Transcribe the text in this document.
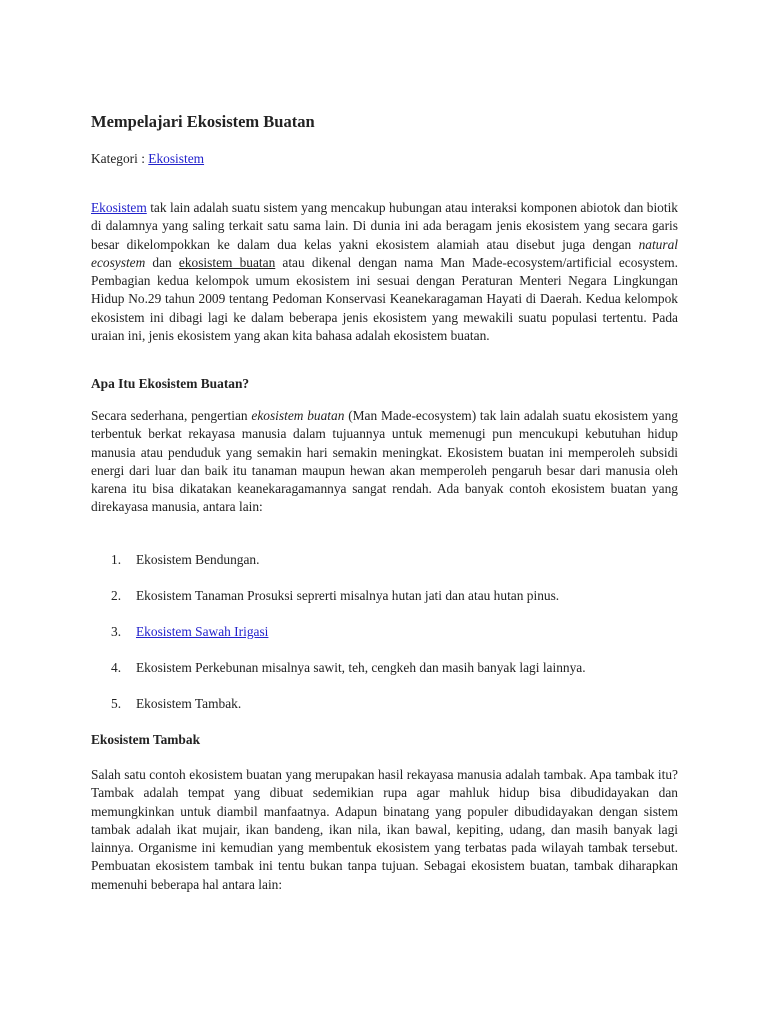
Mempelajari Ekosistem Buatan

Kategori : Ekosistem

Ekosistem tak lain adalah suatu sistem yang mencakup hubungan atau interaksi komponen abiotok dan biotik di dalamnya yang saling terkait satu sama lain. Di dunia ini ada beragam jenis ekosistem yang secara garis besar dikelompokkan ke dalam dua kelas yakni ekosistem alamiah atau disebut juga dengan natural ecosystem dan ekosistem buatan atau dikenal dengan nama Man Made-ecosystem/artificial ecosystem. Pembagian kedua kelompok umum ekosistem ini sesuai dengan Peraturan Menteri Negara Lingkungan Hidup No.29 tahun 2009 tentang Pedoman Konservasi Keanekaragaman Hayati di Daerah. Kedua kelompok ekosistem ini dibagi lagi ke dalam beberapa jenis ekosistem yang mewakili suatu populasi tertentu. Pada uraian ini, jenis ekosistem yang akan kita bahasa adalah ekosistem buatan.

Apa Itu Ekosistem Buatan?

Secara sederhana, pengertian ekosistem buatan (Man Made-ecosystem) tak lain adalah suatu ekosistem yang terbentuk berkat rekayasa manusia dalam tujuannya untuk memenugi pun mencukupi kebutuhan hidup manusia atau penduduk yang semakin hari semakin meningkat. Ekosistem buatan ini memperoleh subsidi energi dari luar dan baik itu tanaman maupun hewan akan memperoleh pengaruh besar dari manusia oleh karena itu bisa dikatakan keanekaragamannya sangat rendah. Ada banyak contoh ekosistem buatan yang direkayasa manusia, antara lain:

1. Ekosistem Bendungan.
2. Ekosistem Tanaman Prosuksi seprerti misalnya hutan jati dan atau hutan pinus.
3. Ekosistem Sawah Irigasi
4. Ekosistem Perkebunan misalnya sawit, teh, cengkeh dan masih banyak lagi lainnya.
5. Ekosistem Tambak.

Ekosistem Tambak

Salah satu contoh ekosistem buatan yang merupakan hasil rekayasa manusia adalah tambak. Apa tambak itu? Tambak adalah tempat yang dibuat sedemikian rupa agar mahluk hidup bisa dibudidayakan dan memungkinkan untuk diambil manfaatnya. Adapun binatang yang populer dibudidayakan dengan sistem tambak adalah ikat mujair, ikan bandeng, ikan nila, ikan bawal, kepiting, udang, dan masih banyak lagi lainnya. Organisme ini kemudian yang membentuk ekosistem yang terbatas pada wilayah tambak tersebut. Pembuatan ekosistem tambak ini tentu bukan tanpa tujuan. Sebagai ekosistem buatan, tambak diharapkan memenuhi beberapa hal antara lain:
